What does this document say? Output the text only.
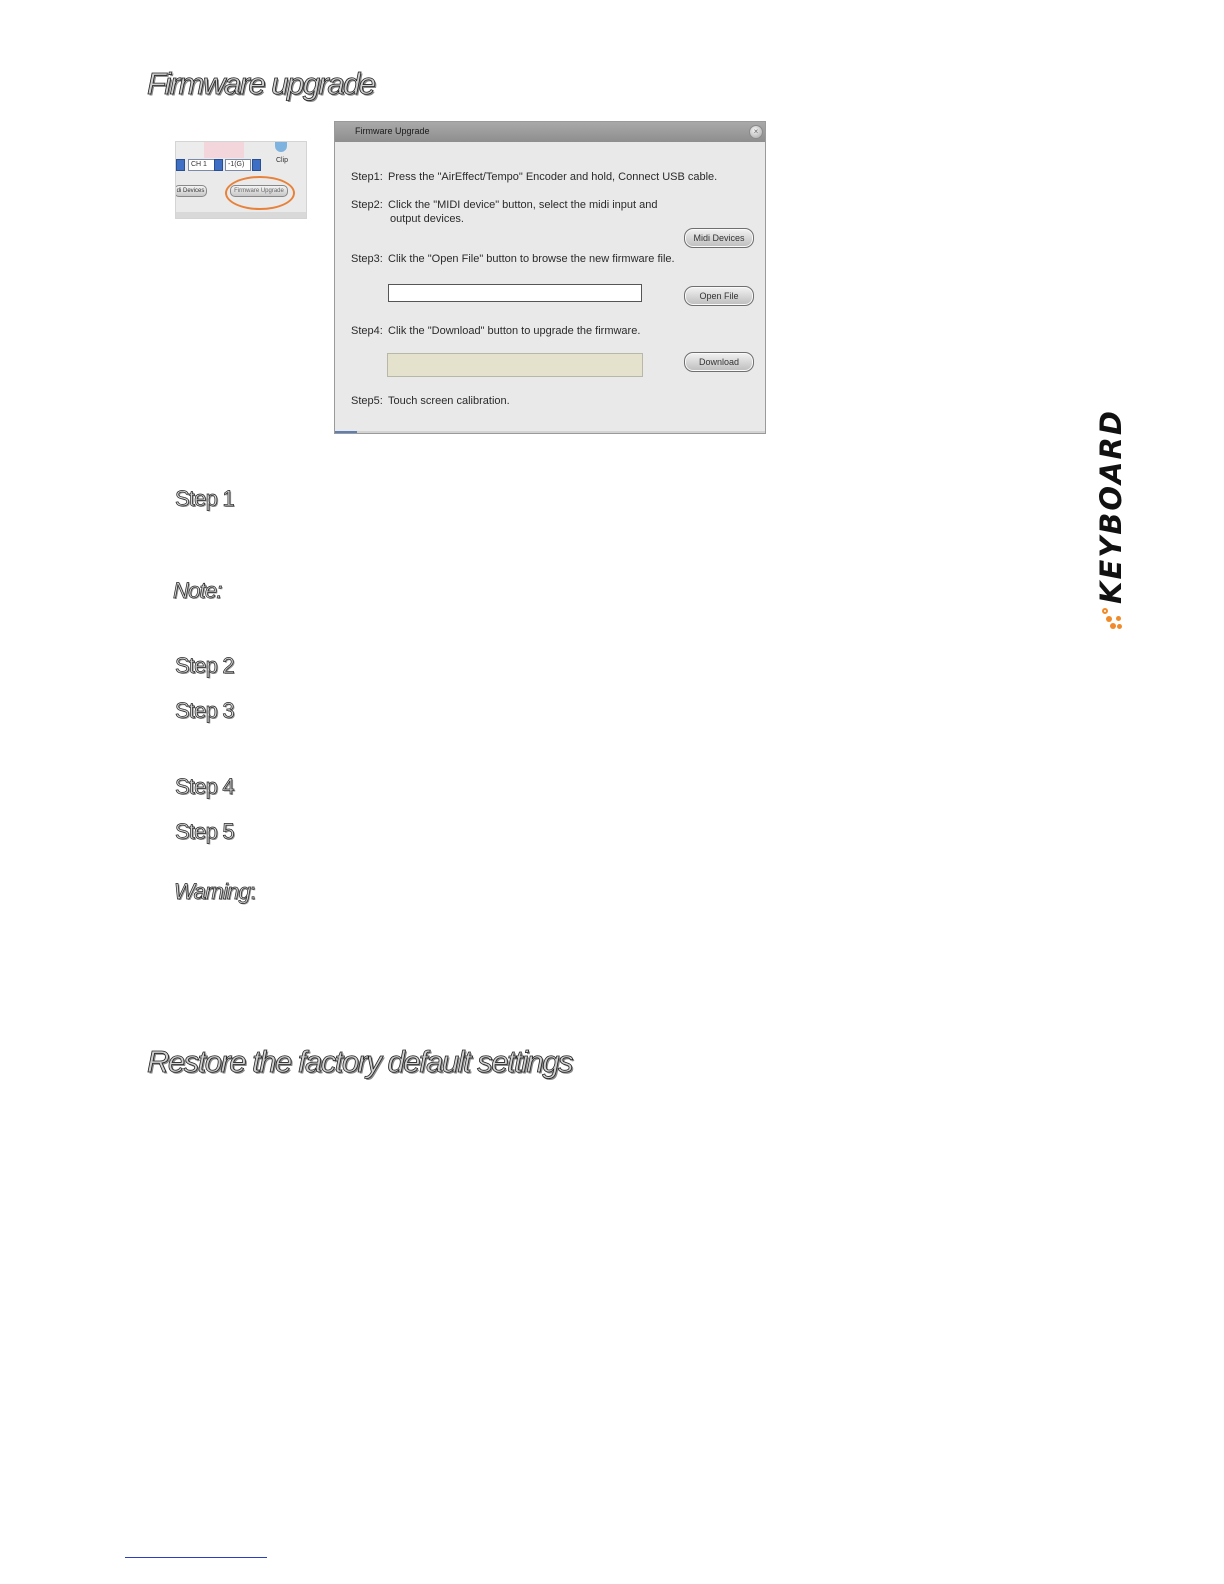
Firmware upgrade
Clip
CH 1	-1(G)
di Devices	Firmware Upgrade
Firmware Upgrade	×
Step1: Press the "AirEffect/Tempo" Encoder and hold, Connect USB cable.
Step2: Click the "MIDI device" button, select the midi input and
output devices.
Midi Devices
Step3: Clik the "Open File" button to browse the new firmware file.
Open File
Step4: Clik the "Download" button to upgrade the firmware.
Download
Step5: Touch screen calibration.

Step 1

Note:

Step 2

Step 3

Step 4

Step 5

Warning:

Restore the factory default settings
KEYBOARD
